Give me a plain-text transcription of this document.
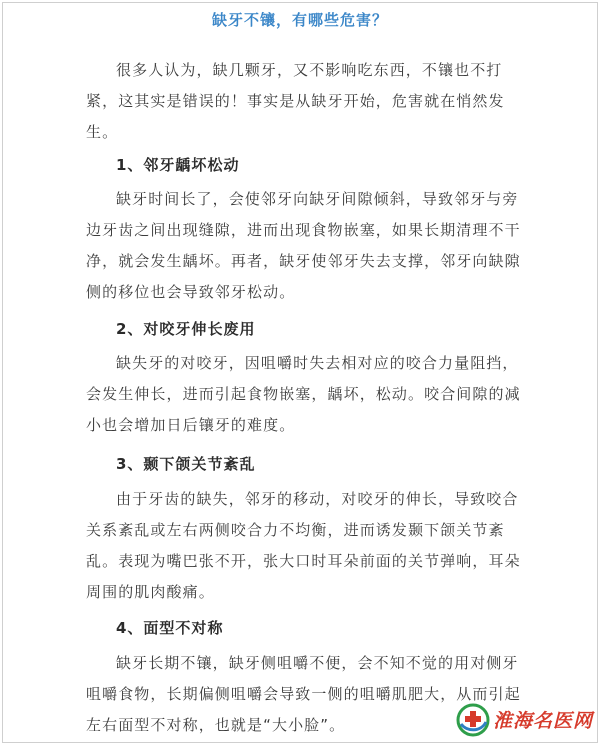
缺牙不镶，有哪些危害？

很多人认为，缺几颗牙，又不影响吃东西，不镶也不打紧，这其实是错误的！事实是从缺牙开始，危害就在悄然发生。

1、邻牙龋坏松动

缺牙时间长了，会使邻牙向缺牙间隙倾斜，导致邻牙与旁边牙齿之间出现缝隙，进而出现食物嵌塞，如果长期清理不干净，就会发生龋坏。再者，缺牙使邻牙失去支撑，邻牙向缺隙侧的移位也会导致邻牙松动。

2、对咬牙伸长废用

缺失牙的对咬牙，因咀嚼时失去相对应的咬合力量阻挡，会发生伸长，进而引起食物嵌塞，龋坏，松动。咬合间隙的减小也会增加日后镶牙的难度。

3、颞下颌关节紊乱

由于牙齿的缺失，邻牙的移动，对咬牙的伸长，导致咬合关系紊乱或左右两侧咬合力不均衡，进而诱发颞下颌关节紊乱。表现为嘴巴张不开，张大口时耳朵前面的关节弹响，耳朵周围的肌肉酸痛。

4、面型不对称

缺牙长期不镶，缺牙侧咀嚼不便，会不知不觉的用对侧牙咀嚼食物，长期偏侧咀嚼会导致一侧的咀嚼肌肥大，从而引起左右面型不对称，也就是“大小脸”。	淮海名医网
